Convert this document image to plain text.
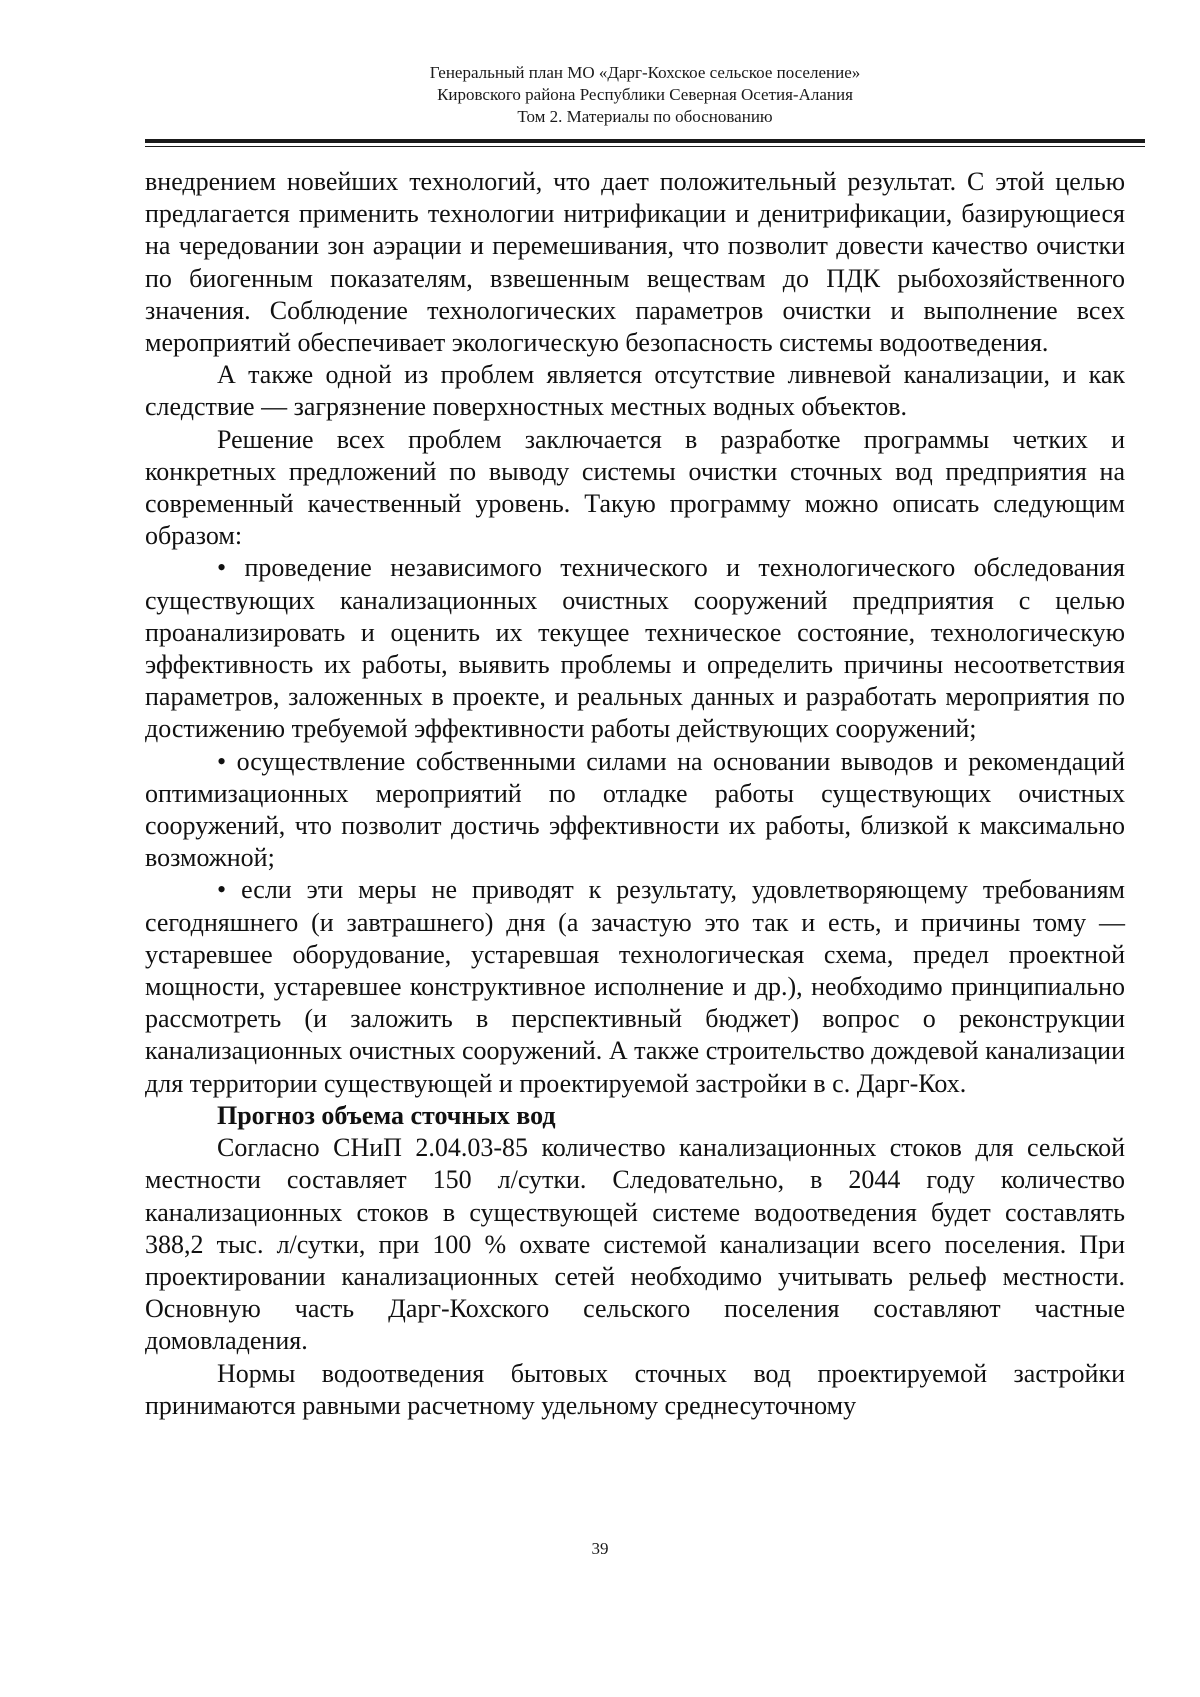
Генеральный план МО «Дарг-Кохское сельское поселение»
Кировского района Республики Северная Осетия-Алания
Том 2. Материалы по обоснованию

внедрением новейших технологий, что дает положительный результат. С этой целью предлагается применить технологии нитрификации и денитрификации, базирующиеся на чередовании зон аэрации и перемешивания, что позволит довести качество очистки по биогенным показателям, взвешенным веществам до ПДК рыбохозяйственного значения. Соблюдение технологических параметров очистки и выполнение всех мероприятий обеспечивает экологическую безопасность системы водоотведения.

А также одной из проблем является отсутствие ливневой канализации, и как следствие — загрязнение поверхностных местных водных объектов.

Решение всех проблем заключается в разработке программы четких и конкретных предложений по выводу системы очистки сточных вод предприятия на современный качественный уровень. Такую программу можно описать следующим образом:

• проведение независимого технического и технологического обследования существующих канализационных очистных сооружений предприятия с целью проанализировать и оценить их текущее техническое состояние, технологическую эффективность их работы, выявить проблемы и определить причины несоответствия параметров, заложенных в проекте, и реальных данных и разработать мероприятия по достижению требуемой эффективности работы действующих сооружений;

• осуществление собственными силами на основании выводов и рекомендаций оптимизационных мероприятий по отладке работы существующих очистных сооружений, что позволит достичь эффективности их работы, близкой к максимально возможной;

• если эти меры не приводят к результату, удовлетворяющему требованиям сегодняшнего (и завтрашнего) дня (а зачастую это так и есть, и причины тому — устаревшее оборудование, устаревшая технологическая схема, предел проектной мощности, устаревшее конструктивное исполнение и др.), необходимо принципиально рассмотреть (и заложить в перспективный бюджет) вопрос о реконструкции канализационных очистных сооружений. А также строительство дождевой канализации для территории существующей и проектируемой застройки в с. Дарг-Кох.

Прогноз объема сточных вод

Согласно СНиП 2.04.03-85 количество канализационных стоков для сельской местности составляет 150 л/сутки. Следовательно, в 2044 году количество канализационных стоков в существующей системе водоотведения будет составлять 388,2 тыс. л/сутки, при 100 % охвате системой канализации всего поселения. При проектировании канализационных сетей необходимо учитывать рельеф местности. Основную часть Дарг-Кохского сельского поселения составляют частные домовладения.

Нормы водоотведения бытовых сточных вод проектируемой застройки принимаются равными расчетному удельному среднесуточному

39
